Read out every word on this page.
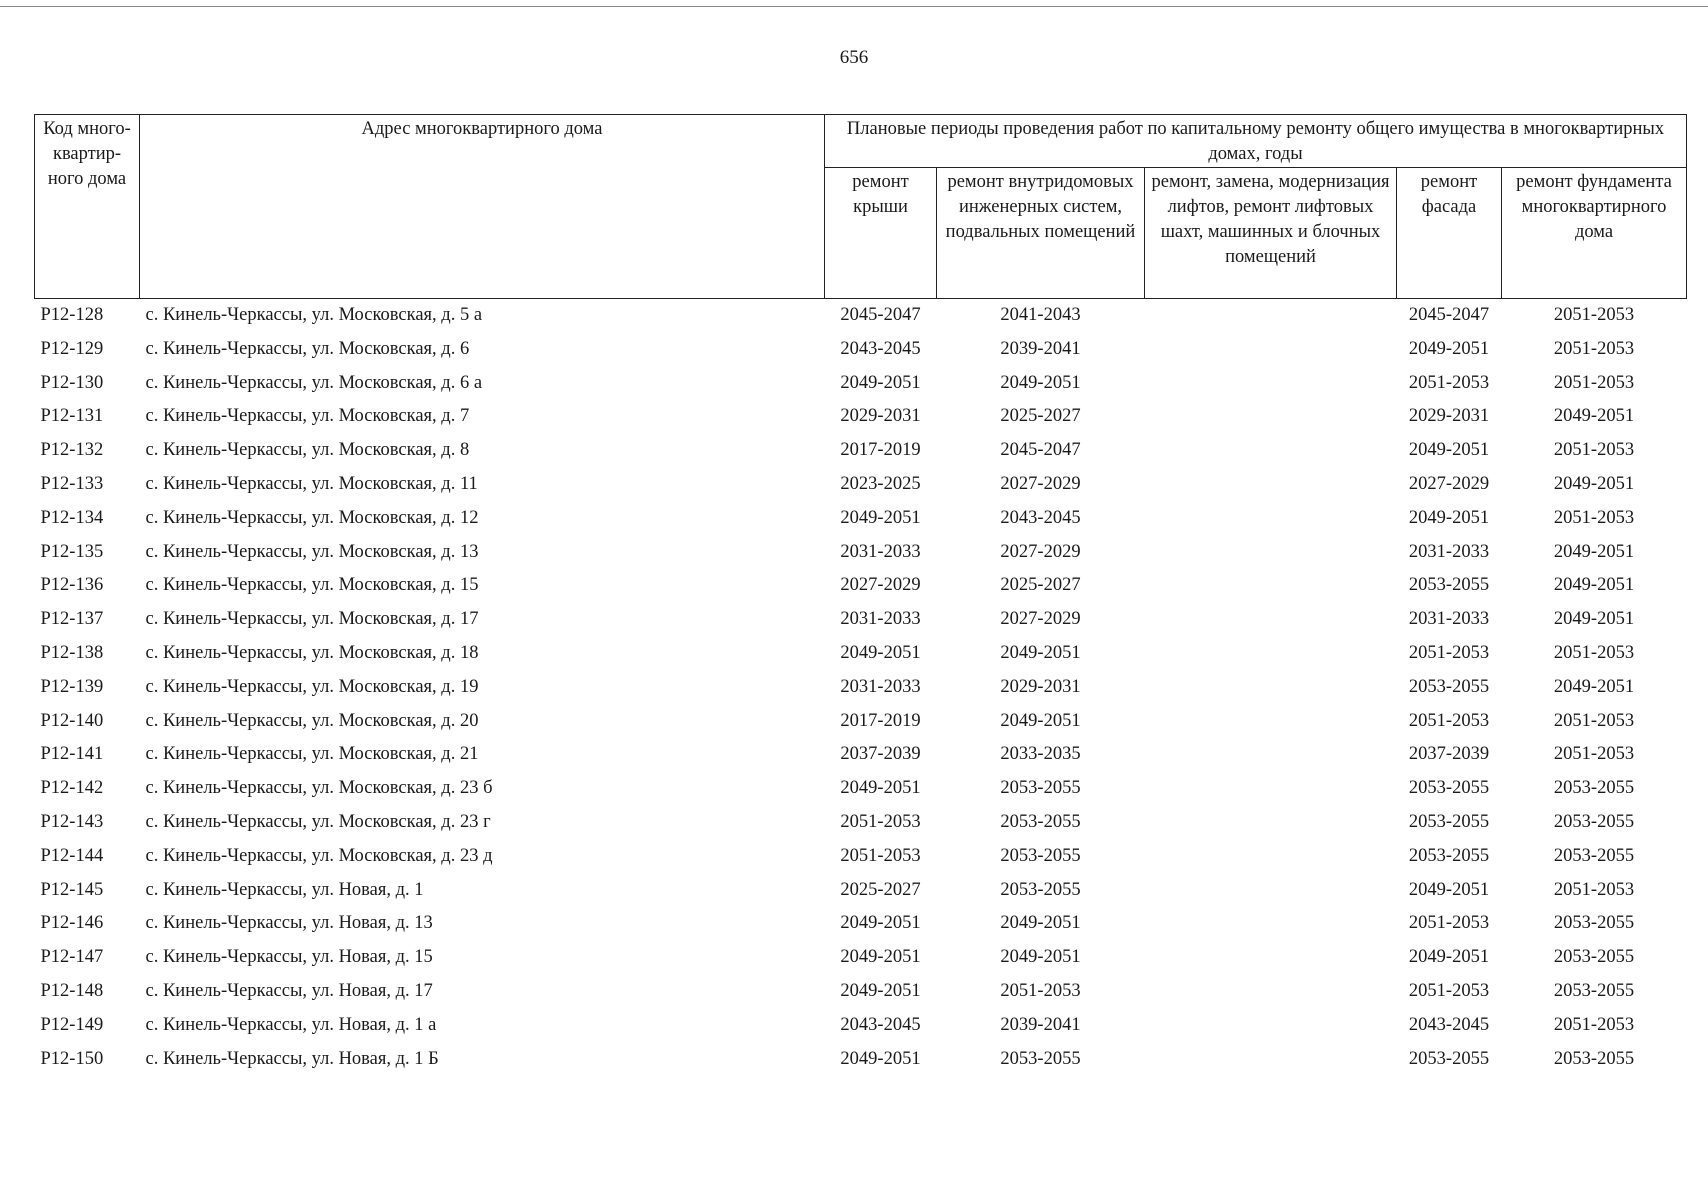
656
Код много-квартир-ного дома	Адрес многоквартирного дома	Плановые периоды проведения работ по капитальному ремонту общего имущества в многоквартирных домах, годы				
		ремонт крыши	ремонт внутридомовых инженерных систем, подвальных помещений	ремонт, замена, модернизация лифтов, ремонт лифтовых шахт, машинных и блочных помещений	ремонт фасада	ремонт фундамента многоквартирного дома
P12-128	с. Кинель-Черкассы, ул. Московская, д. 5 а	2045-2047	2041-2043		2045-2047	2051-2053
P12-129	с. Кинель-Черкассы, ул. Московская, д. 6	2043-2045	2039-2041		2049-2051	2051-2053
P12-130	с. Кинель-Черкассы, ул. Московская, д. 6 а	2049-2051	2049-2051		2051-2053	2051-2053
P12-131	с. Кинель-Черкассы, ул. Московская, д. 7	2029-2031	2025-2027		2029-2031	2049-2051
P12-132	с. Кинель-Черкассы, ул. Московская, д. 8	2017-2019	2045-2047		2049-2051	2051-2053
P12-133	с. Кинель-Черкассы, ул. Московская, д. 11	2023-2025	2027-2029		2027-2029	2049-2051
P12-134	с. Кинель-Черкассы, ул. Московская, д. 12	2049-2051	2043-2045		2049-2051	2051-2053
P12-135	с. Кинель-Черкассы, ул. Московская, д. 13	2031-2033	2027-2029		2031-2033	2049-2051
P12-136	с. Кинель-Черкассы, ул. Московская, д. 15	2027-2029	2025-2027		2053-2055	2049-2051
P12-137	с. Кинель-Черкассы, ул. Московская, д. 17	2031-2033	2027-2029		2031-2033	2049-2051
P12-138	с. Кинель-Черкассы, ул. Московская, д. 18	2049-2051	2049-2051		2051-2053	2051-2053
P12-139	с. Кинель-Черкассы, ул. Московская, д. 19	2031-2033	2029-2031		2053-2055	2049-2051
P12-140	с. Кинель-Черкассы, ул. Московская, д. 20	2017-2019	2049-2051		2051-2053	2051-2053
P12-141	с. Кинель-Черкассы, ул. Московская, д. 21	2037-2039	2033-2035		2037-2039	2051-2053
P12-142	с. Кинель-Черкассы, ул. Московская, д. 23 б	2049-2051	2053-2055		2053-2055	2053-2055
P12-143	с. Кинель-Черкассы, ул. Московская, д. 23 г	2051-2053	2053-2055		2053-2055	2053-2055
P12-144	с. Кинель-Черкассы, ул. Московская, д. 23 д	2051-2053	2053-2055		2053-2055	2053-2055
P12-145	с. Кинель-Черкассы, ул. Новая, д. 1	2025-2027	2053-2055		2049-2051	2051-2053
P12-146	с. Кинель-Черкассы, ул. Новая, д. 13	2049-2051	2049-2051		2051-2053	2053-2055
P12-147	с. Кинель-Черкассы, ул. Новая, д. 15	2049-2051	2049-2051		2049-2051	2053-2055
P12-148	с. Кинель-Черкассы, ул. Новая, д. 17	2049-2051	2051-2053		2051-2053	2053-2055
P12-149	с. Кинель-Черкассы, ул. Новая, д. 1 а	2043-2045	2039-2041		2043-2045	2051-2053
P12-150	с. Кинель-Черкассы, ул. Новая, д. 1 Б	2049-2051	2053-2055		2053-2055	2053-2055
